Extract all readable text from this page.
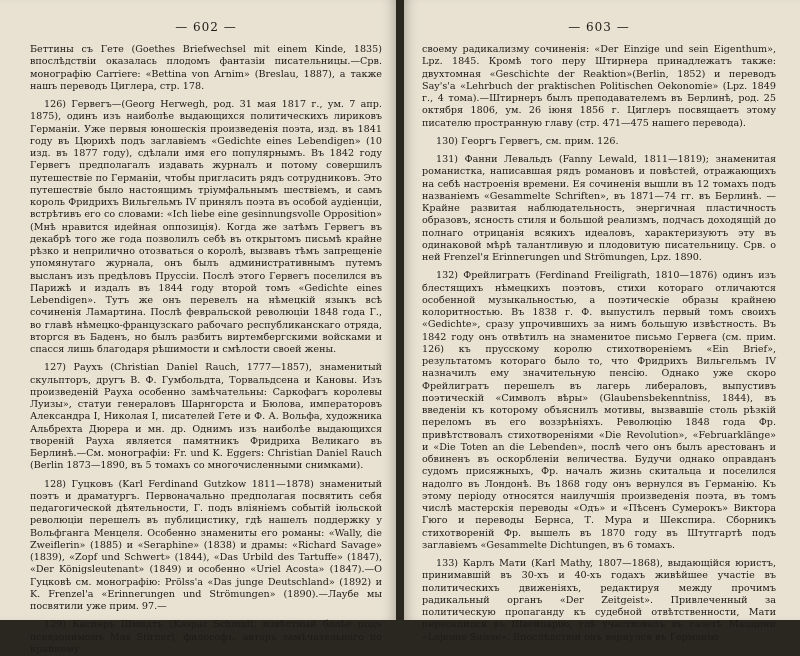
— 602 —

Беттины съ Гете (Goethes Briefwechsel mit einem Kinde, 1835) впослѣдствіи оказалась плодомъ фантазіи писательницы.—Срв. монографію Carriere: «Bettina von Arnim» (Breslau, 1887), а также нашъ переводъ Циглера, стр. 178.

126) Гервегъ—(Georg Herwegh, род. 31 мая 1817 г., ум. 7 апр. 1875), одинъ изъ наиболѣе выдающихся политическихъ лириковъ Германіи. Уже первыя юношескія произведенія поэта, изд. въ 1841 году въ Цюрихѣ подъ заглавіемъ «Gedichte eines Lebendigen» (10 изд. въ 1877 году), сдѣлали имя его популярнымъ. Въ 1842 году Гервегъ предполагалъ издавать журналъ и потому совершилъ путешествіе по Германіи, чтобы пригласить рядъ сотрудниковъ. Это путешествіе было настоящимъ тріумфальнымъ шествіемъ, и самъ король Фридрихъ Вильгельмъ IV принялъ поэта въ особой аудіенціи, встрѣтивъ его со словами: «Ich liebe eine gesinnungsvolle Opposition» (Мнѣ нравится идейная оппозиція). Когда же затѣмъ Гервегъ въ декабрѣ того же года позволилъ себѣ въ открытомъ письмѣ крайне рѣзко и неприлично отозваться о королѣ, вызвавъ тѣмъ запрещеніе упомянутаго журнала, онъ былъ административнымъ путемъ высланъ изъ предѣловъ Пруссіи. Послѣ этого Гервегъ поселился въ Парижѣ и издалъ въ 1844 году второй томъ «Gedichte eines Lebendigen». Тутъ же онъ перевелъ на нѣмецкій языкъ всѣ сочиненія Ламартина. Послѣ февральской революціи 1848 года Г., во главѣ нѣмецко-французскаго рабочаго республиканскаго отряда, вторгся въ Баденъ, но былъ разбитъ виртембергскими войсками и спасся лишь благодаря рѣшимости и смѣлости своей жены.

127) Раухъ (Christian Daniel Rauch, 1777—1857), знаменитый скульпторъ, другъ В. Ф. Гумбольдта, Торвальдсена и Кановы. Изъ произведеній Рауха особенно замѣчательны: Саркофагъ королевы Луизы», статуи генераловъ Шарнгорста и Бюлова, императоровъ Александра I, Николая I, писателей Гете и Ф. А. Вольфа, художника Альбрехта Дюрера и мн. др. Однимъ изъ наиболѣе выдающихся твореній Рауха является памятникъ Фридриха Великаго въ Берлинѣ.—См. монографіи: Fr. und K. Eggers: Christian Daniel Rauch (Berlin 1873—1890, въ 5 томахъ со многочисленными снимками).

128) Гуцковъ (Karl Ferdinand Gutzkow 1811—1878) знаменитый поэтъ и драматургъ. Первоначально предполагая посвятить себя педагогической дѣятельности, Г. подъ вліяніемъ событій іюльской революціи перешелъ въ публицистику, гдѣ нашелъ поддержку у Вольфганга Менцеля. Особенно знамениты его романы: «Wally, die Zweiflerin» (1885) и «Seraphine» (1838) и драмы: «Richard Savage» (1839), «Zopf und Schwert» (1844), «Das Urbild des Tartuffe» (1847), «Der Königsleutenant» (1849) и особенно «Uriel Acosta» (1847).—О Гуцковѣ см. монографію: Prölss'a «Das junge Deutschland» (1892) и K. Frenzel'a «Erinnerungen und Strömungen» (1890).—Лаубе мы посвятили уже прим. 97.—

129) Каспаръ Шмидтъ (Kaspar Schmidt, извѣстный болѣе подъ псевдонимомъ Max Stirner), философъ, авторъ замѣчательнаго по крайнему

— 603 —

своему радикализму сочиненія: «Der Einzige und sein Eigenthum», Lpz. 1845. Кромѣ того перу Штирнера принадлежатъ также: двухтомная «Geschichte der Reaktion»(Berlin, 1852) и переводъ Say's'a «Lehrbuch der praktischen Politischen Oekonomie» (Lpz. 1849 г., 4 тома).—Штирнеръ былъ преподавателемъ въ Берлинѣ, род. 25 октября 1806, ум. 26 іюня 1856 г. Циглеръ посвящаетъ этому писателю пространную главу (стр. 471—475 нашего перевода).

130) Георгъ Гервегъ, см. прим. 126.

131) Фанни Левальдъ (Fanny Lewald, 1811—1819); знаменитая романистка, написавшая рядъ романовъ и повѣстей, отражающихъ на себѣ настроенія времени. Ея сочиненія вышли въ 12 томахъ подъ названіемъ «Gesammelte Schriften», въ 1871—74 гг. въ Берлинѣ. — Крайне развитая наблюдательность, энергичная пластичность образовъ, ясность стиля и большой реализмъ, подчасъ доходящій до полнаго отрицанія всякихъ идеаловъ, характеризуютъ эту въ одинаковой мѣрѣ талантливую и плодовитую писательницу. Срв. о ней Frenzel'я Erinnerungen und Strömungen, Lpz. 1890.

132) Фрейлигратъ (Ferdinand Freiligrath, 1810—1876) одинъ изъ блестящихъ нѣмецкихъ поэтовъ, стихи котораго отличаются особенной музыкальностью, а поэтическіе образы крайнею колоритностью. Въ 1838 г. Ф. выпустилъ первый томъ своихъ «Gedichte», сразу упрочившихъ за нимъ большую извѣстность. Въ 1842 году онъ отвѣтилъ на знаменитое письмо Гервега (см. прим. 126) къ прусскому королю стихотвореніемъ «Ein Brief», результатомъ котораго было то, что Фридрихъ Вильгельмъ IV назначилъ ему значительную пенсію. Однако уже скоро Фрейлигратъ перешелъ въ лагерь либераловъ, выпустивъ поэтическій «Символъ вѣры» (Glaubensbekenntniss, 1844), въ введеніи къ которому объяснилъ мотивы, вызвавшіе столь рѣзкій переломъ въ его воззрѣніяхъ. Революцію 1848 года Фр. привѣтствовалъ стихотвореніями «Die Revolution», «Februarklänge» и «Die Toten an die Lebenden», послѣ чего онъ былъ арестованъ и обвиненъ въ оскорбленіи величества. Будучи однако оправданъ судомъ присяжныхъ, Фр. началъ жизнь скитальца и поселился надолго въ Лондонѣ. Въ 1868 году онъ вернулся въ Германію. Къ этому періоду относятся наилучшія произведенія поэта, въ томъ числѣ мастерскія переводы «Одъ» и «Пѣсенъ Сумерокъ» Виктора Гюго и переводы Бернса, Т. Мура и Шекспира. Сборникъ стихотвореній Фр. вышелъ въ 1870 году въ Штутгартѣ подъ заглавіемъ «Gesammelte Dichtungen, въ 6 томахъ.

133) Карлъ Мати (Karl Mathy, 1807—1868), выдающійся юристъ, принимавшій въ 30-хъ и 40-хъ годахъ живѣйшее участіе въ политическихъ движеніяхъ, редактируя между прочимъ радикальный органъ «Der Zeitgeist». Привлеченный за политическую пропаганду къ судебной отвѣтственности, Мати переселился въ Швейцарію, гдѣ участвовалъ въ газетѣ Маццини «Lajeune Suisse». Впослѣдствіи онъ вернулся въ Германію
